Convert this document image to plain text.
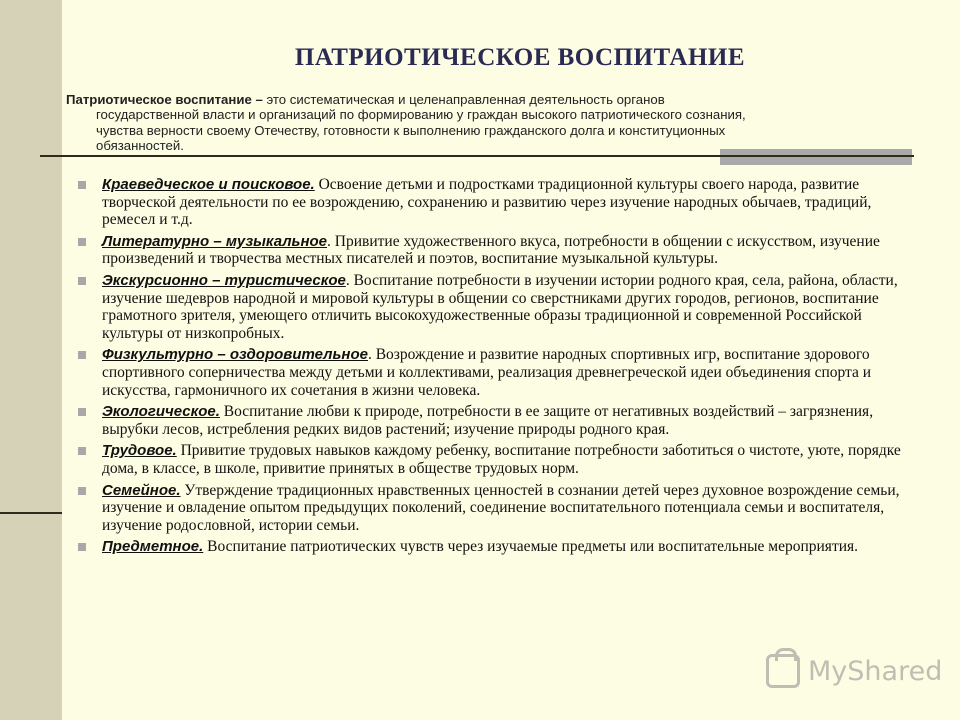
ПАТРИОТИЧЕСКОЕ ВОСПИТАНИЕ
Патриотическое воспитание – это систематическая и целенаправленная деятельность органов
государственной власти и организаций по формированию у граждан высокого патриотического сознания,
чувства верности своему Отечеству, готовности к выполнению гражданского долга и конституционных
обязанностей.
Краеведческое и поисковое. Освоение детьми и подростками традиционной культуры своего народа, развитие творческой деятельности по ее возрождению, сохранению и развитию через изучение народных обычаев, традиций, ремесел и т.д.
Литературно – музыкальное. Привитие художественного вкуса, потребности в общении с искусством, изучение произведений и творчества местных писателей и поэтов, воспитание музыкальной культуры.
Экскурсионно – туристическое. Воспитание потребности в изучении истории родного края, села, района, области, изучение шедевров народной и мировой культуры в общении со сверстниками других городов, регионов, воспитание грамотного зрителя, умеющего отличить высокохудожественные образы традиционной и современной Российской культуры от низкопробных.
Физкультурно – оздоровительное. Возрождение и развитие народных спортивных игр, воспитание здорового спортивного соперничества между детьми и коллективами, реализация древнегреческой идеи объединения спорта и искусства, гармоничного их сочетания в жизни человека.
Экологическое. Воспитание любви к природе, потребности в ее защите от негативных воздействий – загрязнения, вырубки лесов, истребления редких видов растений; изучение природы родного края.
Трудовое. Привитие трудовых навыков каждому ребенку, воспитание потребности заботиться о чистоте, уюте, порядке дома, в классе, в школе, привитие принятых в обществе трудовых норм.
Семейное. Утверждение традиционных нравственных ценностей в сознании детей через духовное возрождение семьи, изучение и овладение опытом предыдущих поколений, соединение воспитательного потенциала семьи и воспитателя, изучение родословной, истории семьи.
Предметное. Воспитание патриотических чувств через изучаемые предметы или воспитательные мероприятия.
MyShared
